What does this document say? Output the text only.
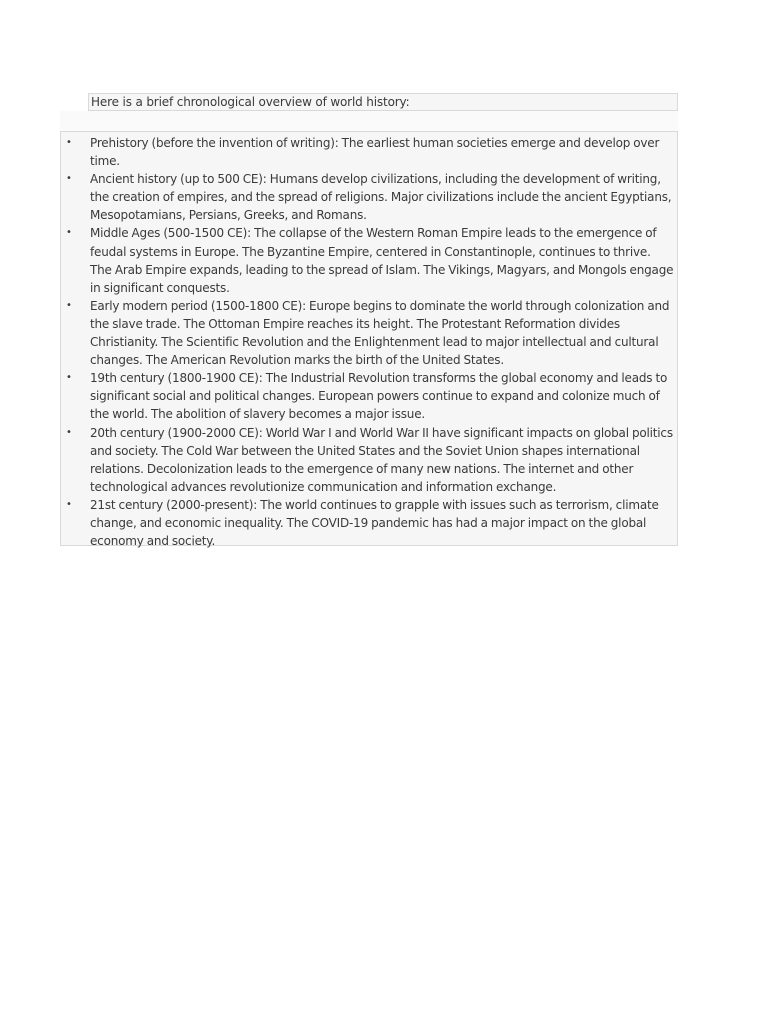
Here is a brief chronological overview of world history:
• Prehistory (before the invention of writing): The earliest human societies emerge and develop over time.
• Ancient history (up to 500 CE): Humans develop civilizations, including the development of writing, the creation of empires, and the spread of religions. Major civilizations include the ancient Egyptians, Mesopotamians, Persians, Greeks, and Romans.
• Middle Ages (500-1500 CE): The collapse of the Western Roman Empire leads to the emergence of feudal systems in Europe. The Byzantine Empire, centered in Constantinople, continues to thrive. The Arab Empire expands, leading to the spread of Islam. The Vikings, Magyars, and Mongols engage in significant conquests.
• Early modern period (1500-1800 CE): Europe begins to dominate the world through colonization and the slave trade. The Ottoman Empire reaches its height. The Protestant Reformation divides Christianity. The Scientific Revolution and the Enlightenment lead to major intellectual and cultural changes. The American Revolution marks the birth of the United States.
• 19th century (1800-1900 CE): The Industrial Revolution transforms the global economy and leads to significant social and political changes. European powers continue to expand and colonize much of the world. The abolition of slavery becomes a major issue.
• 20th century (1900-2000 CE): World War I and World War II have significant impacts on global politics and society. The Cold War between the United States and the Soviet Union shapes international relations. Decolonization leads to the emergence of many new nations. The internet and other technological advances revolutionize communication and information exchange.
• 21st century (2000-present): The world continues to grapple with issues such as terrorism, climate change, and economic inequality. The COVID-19 pandemic has had a major impact on the global economy and society.
